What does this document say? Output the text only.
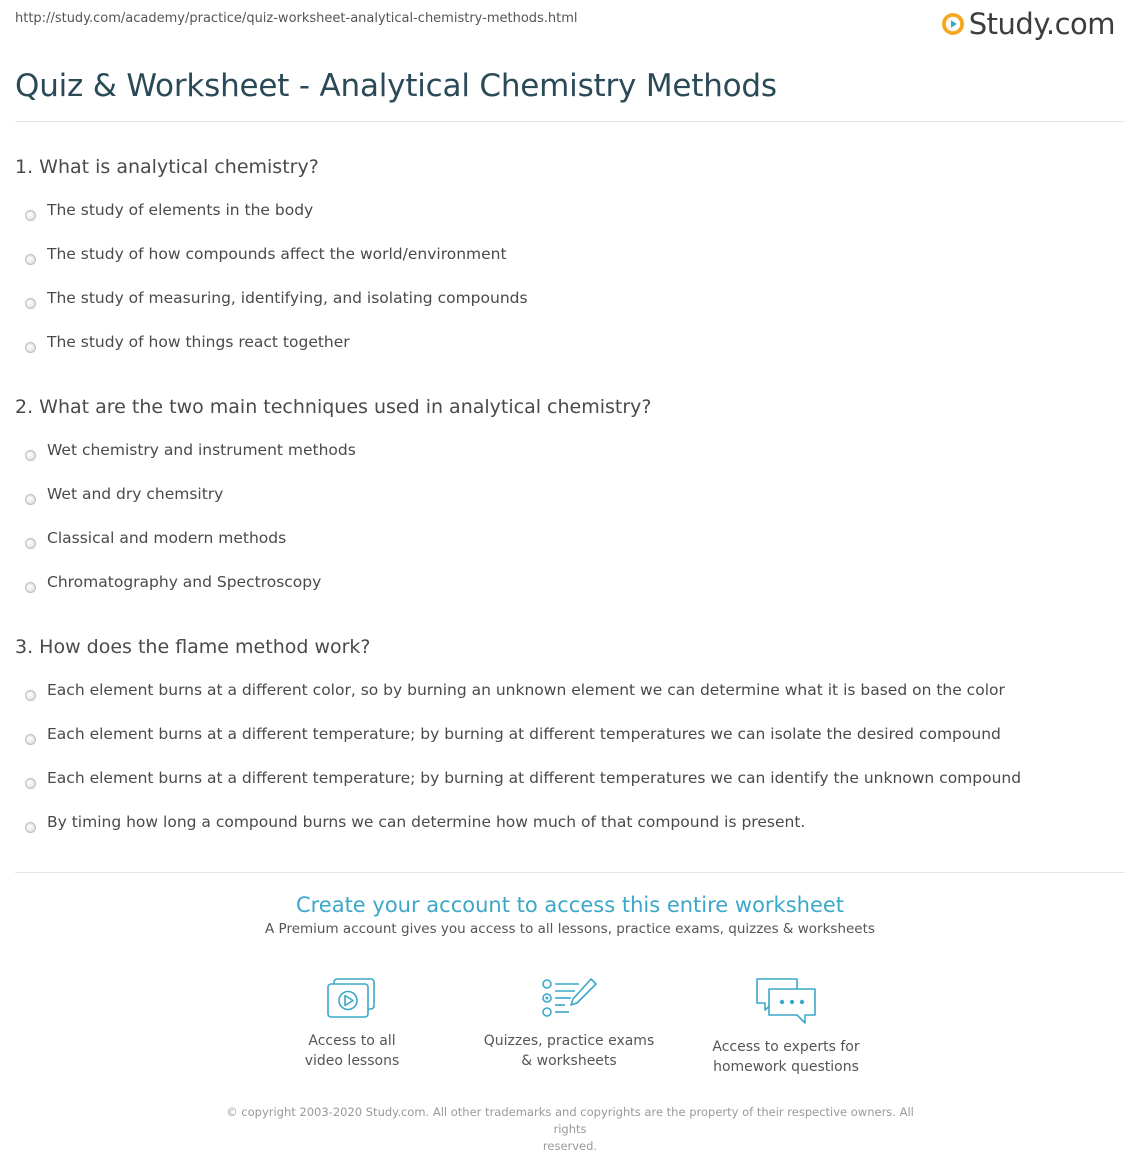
http://study.com/academy/practice/quiz-worksheet-analytical-chemistry-methods.html	Study.com
Quiz & Worksheet - Analytical Chemistry Methods
1. What is analytical chemistry?
The study of elements in the body
The study of how compounds affect the world/environment
The study of measuring, identifying, and isolating compounds
The study of how things react together
2. What are the two main techniques used in analytical chemistry?
Wet chemistry and instrument methods
Wet and dry chemsitry
Classical and modern methods
Chromatography and Spectroscopy
3. How does the flame method work?
Each element burns at a different color, so by burning an unknown element we can determine what it is based on the color
Each element burns at a different temperature; by burning at different temperatures we can isolate the desired compound
Each element burns at a different temperature; by burning at different temperatures we can identify the unknown compound
By timing how long a compound burns we can determine how much of that compound is present.
Create your account to access this entire worksheet

A Premium account gives you access to all lessons, practice exams, quizzes & worksheets

Access to all
video lessons
Quizzes, practice exams
& worksheets
Access to experts for
homework questions
© copyright 2003-2020 Study.com. All other trademarks and copyrights are the property of their respective owners. All rights
reserved.
